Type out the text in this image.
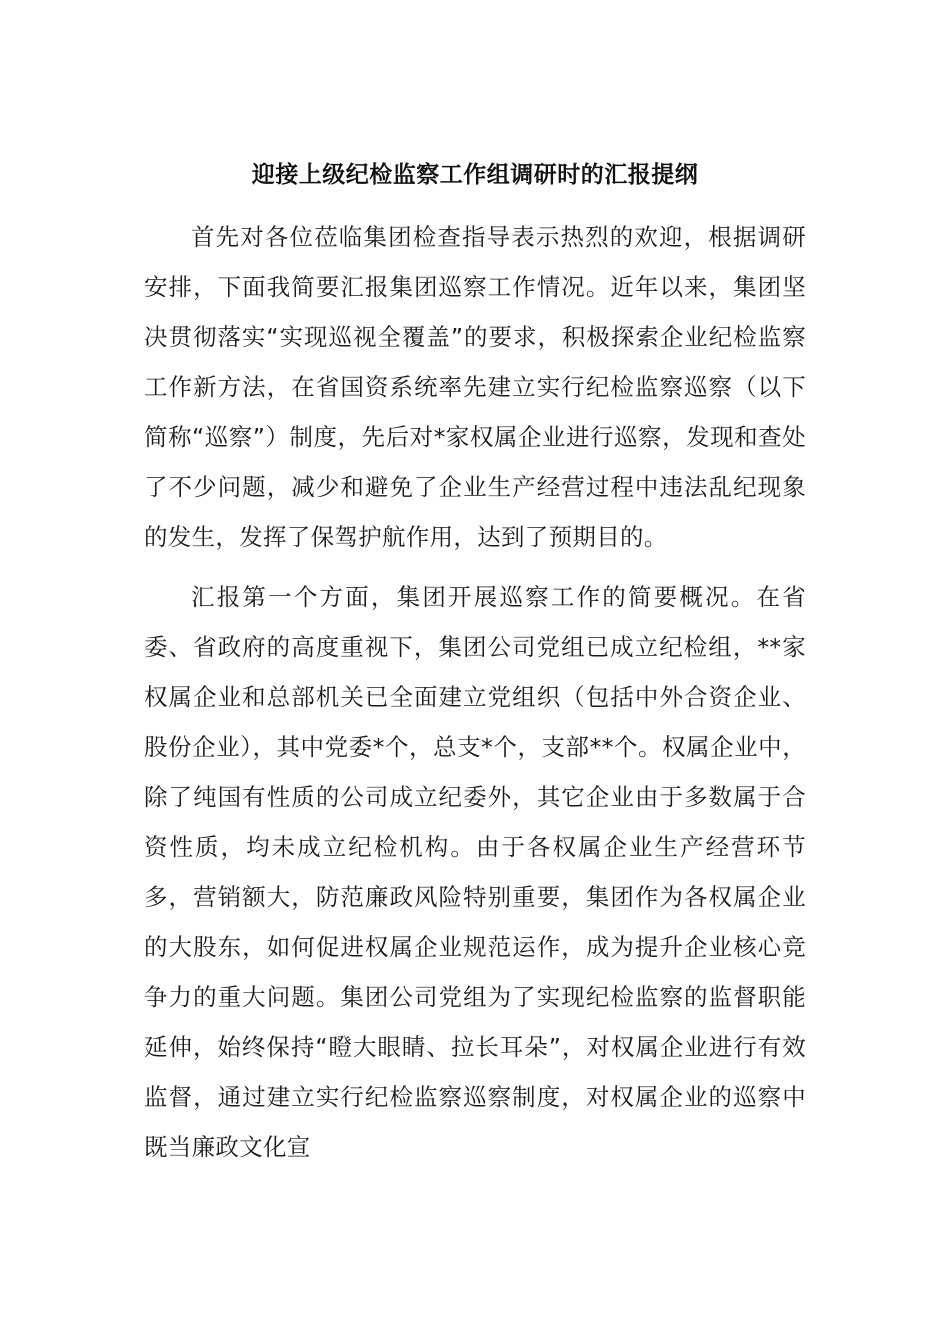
迎接上级纪检监察工作组调研时的汇报提纲

首先对各位莅临集团检查指导表示热烈的欢迎，根据调研安排，下面我简要汇报集团巡察工作情况。近年以来，集团坚决贯彻落实“实现巡视全覆盖”的要求，积极探索企业纪检监察工作新方法，在省国资系统率先建立实行纪检监察巡察（以下简称“巡察”）制度，先后对*家权属企业进行巡察，发现和查处了不少问题，减少和避免了企业生产经营过程中违法乱纪现象的发生，发挥了保驾护航作用，达到了预期目的。

汇报第一个方面，集团开展巡察工作的简要概况。在省委、省政府的高度重视下，集团公司党组已成立纪检组，**家权属企业和总部机关已全面建立党组织（包括中外合资企业、股份企业），其中党委*个，总支*个，支部**个。权属企业中，除了纯国有性质的公司成立纪委外，其它企业由于多数属于合资性质，均未成立纪检机构。由于各权属企业生产经营环节多，营销额大，防范廉政风险特别重要，集团作为各权属企业的大股东，如何促进权属企业规范运作，成为提升企业核心竞争力的重大问题。集团公司党组为了实现纪检监察的监督职能延伸，始终保持“瞪大眼睛、拉长耳朵”，对权属企业进行有效监督，通过建立实行纪检监察巡察制度，对权属企业的巡察中既当廉政文化宣
